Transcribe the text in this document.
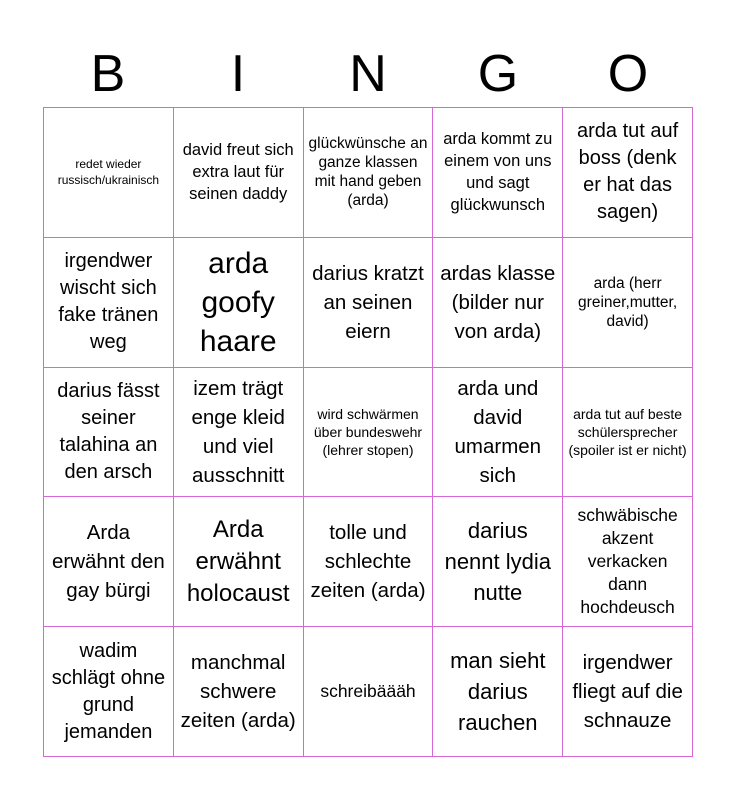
B	I	N	G	O
redet wieder russisch/ukrainisch
david freut sich extra laut für seinen daddy
glückwünsche an ganze klassen mit hand geben (arda)
arda kommt zu einem von uns und sagt glückwunsch
arda tut auf boss (denk er hat das sagen)
irgendwer wischt sich fake tränen weg
arda goofy haare
darius kratzt an seinen eiern
ardas klasse (bilder nur von arda)
arda (herr greiner,mutter, david)
darius fässt seiner talahina an den arsch
izem trägt enge kleid und viel ausschnitt
wird schwärmen über bundeswehr (lehrer stopen)
arda und david umarmen sich
arda tut auf beste schülersprecher (spoiler ist er nicht)
Arda erwähnt den gay bürgi
Arda erwähnt holocaust
tolle und schlechte zeiten (arda)
darius nennt lydia nutte
schwäbische akzent verkacken dann hochdeusch
wadim schlägt ohne grund jemanden
manchmal schwere zeiten (arda)
schreibäääh
man sieht darius rauchen
irgendwer fliegt auf die schnauze
